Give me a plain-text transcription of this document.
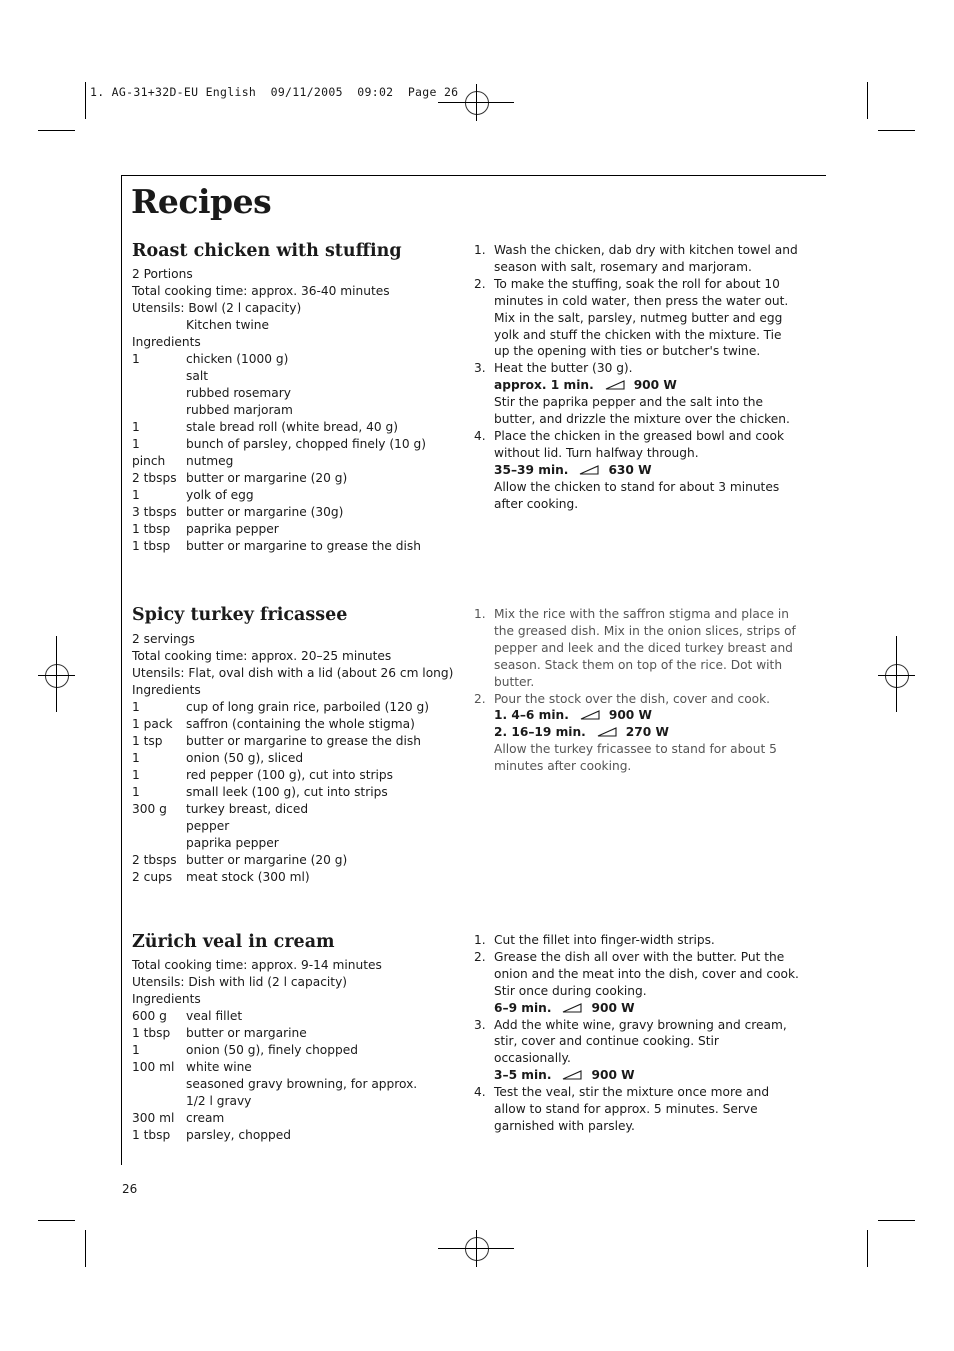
1. AG-31+32D-EU English  09/11/2005  09:02  Page 26
Recipes
Roast chicken with stuffing
2 Portions
Total cooking time: approx. 36-40 minutes
Utensils: Bowl (2 l capacity)
Kitchen twine
Ingredients
1	chicken (1000 g)
salt
rubbed rosemary
rubbed marjoram
1	stale bread roll (white bread, 40 g)
1	bunch of parsley, chopped finely (10 g)
pinch nutmeg
2 tbsps butter or margarine (20 g)
1	yolk of egg
3 tbsps butter or margarine (30g)
1 tbsp paprika pepper
1 tbsp butter or margarine to grease the dish
1. Wash the chicken, dab dry with kitchen towel and season with salt, rosemary and marjoram.
2. To make the stuffing, soak the roll for about 10 minutes in cold water, then press the water out. Mix in the salt, parsley, nutmeg butter and egg yolk and stuff the chicken with the mixture. Tie up the opening with ties or butcher's twine.
3. Heat the butter (30 g).
approx. 1 min.	900 W
Stir the paprika pepper and the salt into the butter, and drizzle the mixture over the chicken.
4. Place the chicken in the greased bowl and cook without lid. Turn halfway through.
35–39 min.	630 W
Allow the chicken to stand for about 3 minutes after cooking.
Spicy turkey fricassee
2 servings
Total cooking time: approx. 20–25 minutes
Utensils: Flat, oval dish with a lid (about 26 cm long)
Ingredients
1	cup of long grain rice, parboiled (120 g)
1 pack saffron (containing the whole stigma)
1 tsp butter or margarine to grease the dish
1	onion (50 g), sliced
1	red pepper (100 g), cut into strips
1	small leek (100 g), cut into strips
300 g turkey breast, diced
pepper
paprika pepper
2 tbsps butter or margarine (20 g)
2 cups meat stock (300 ml)
1. Mix the rice with the saffron stigma and place in the greased dish. Mix in the onion slices, strips of pepper and leek and the diced turkey breast and season. Stack them on top of the rice. Dot with butter.
2. Pour the stock over the dish, cover and cook.
1. 4–6 min.	900 W
2. 16–19 min.	270 W
Allow the turkey fricassee to stand for about 5 minutes after cooking.
Zürich veal in cream
Total cooking time: approx. 9-14 minutes
Utensils: Dish with lid (2 l capacity)
Ingredients
600 g veal fillet
1 tbsp butter or margarine
1	onion (50 g), finely chopped
100 ml white wine
seasoned gravy browning, for approx.
1/2 l gravy
300 ml cream
1 tbsp parsley, chopped
1. Cut the fillet into finger-width strips.
2. Grease the dish all over with the butter. Put the onion and the meat into the dish, cover and cook. Stir once during cooking.
6–9 min.	900 W
3. Add the white wine, gravy browning and cream, stir, cover and continue cooking. Stir occasionally.
3–5 min.	900 W
4. Test the veal, stir the mixture once more and allow to stand for approx. 5 minutes. Serve garnished with parsley.
26
